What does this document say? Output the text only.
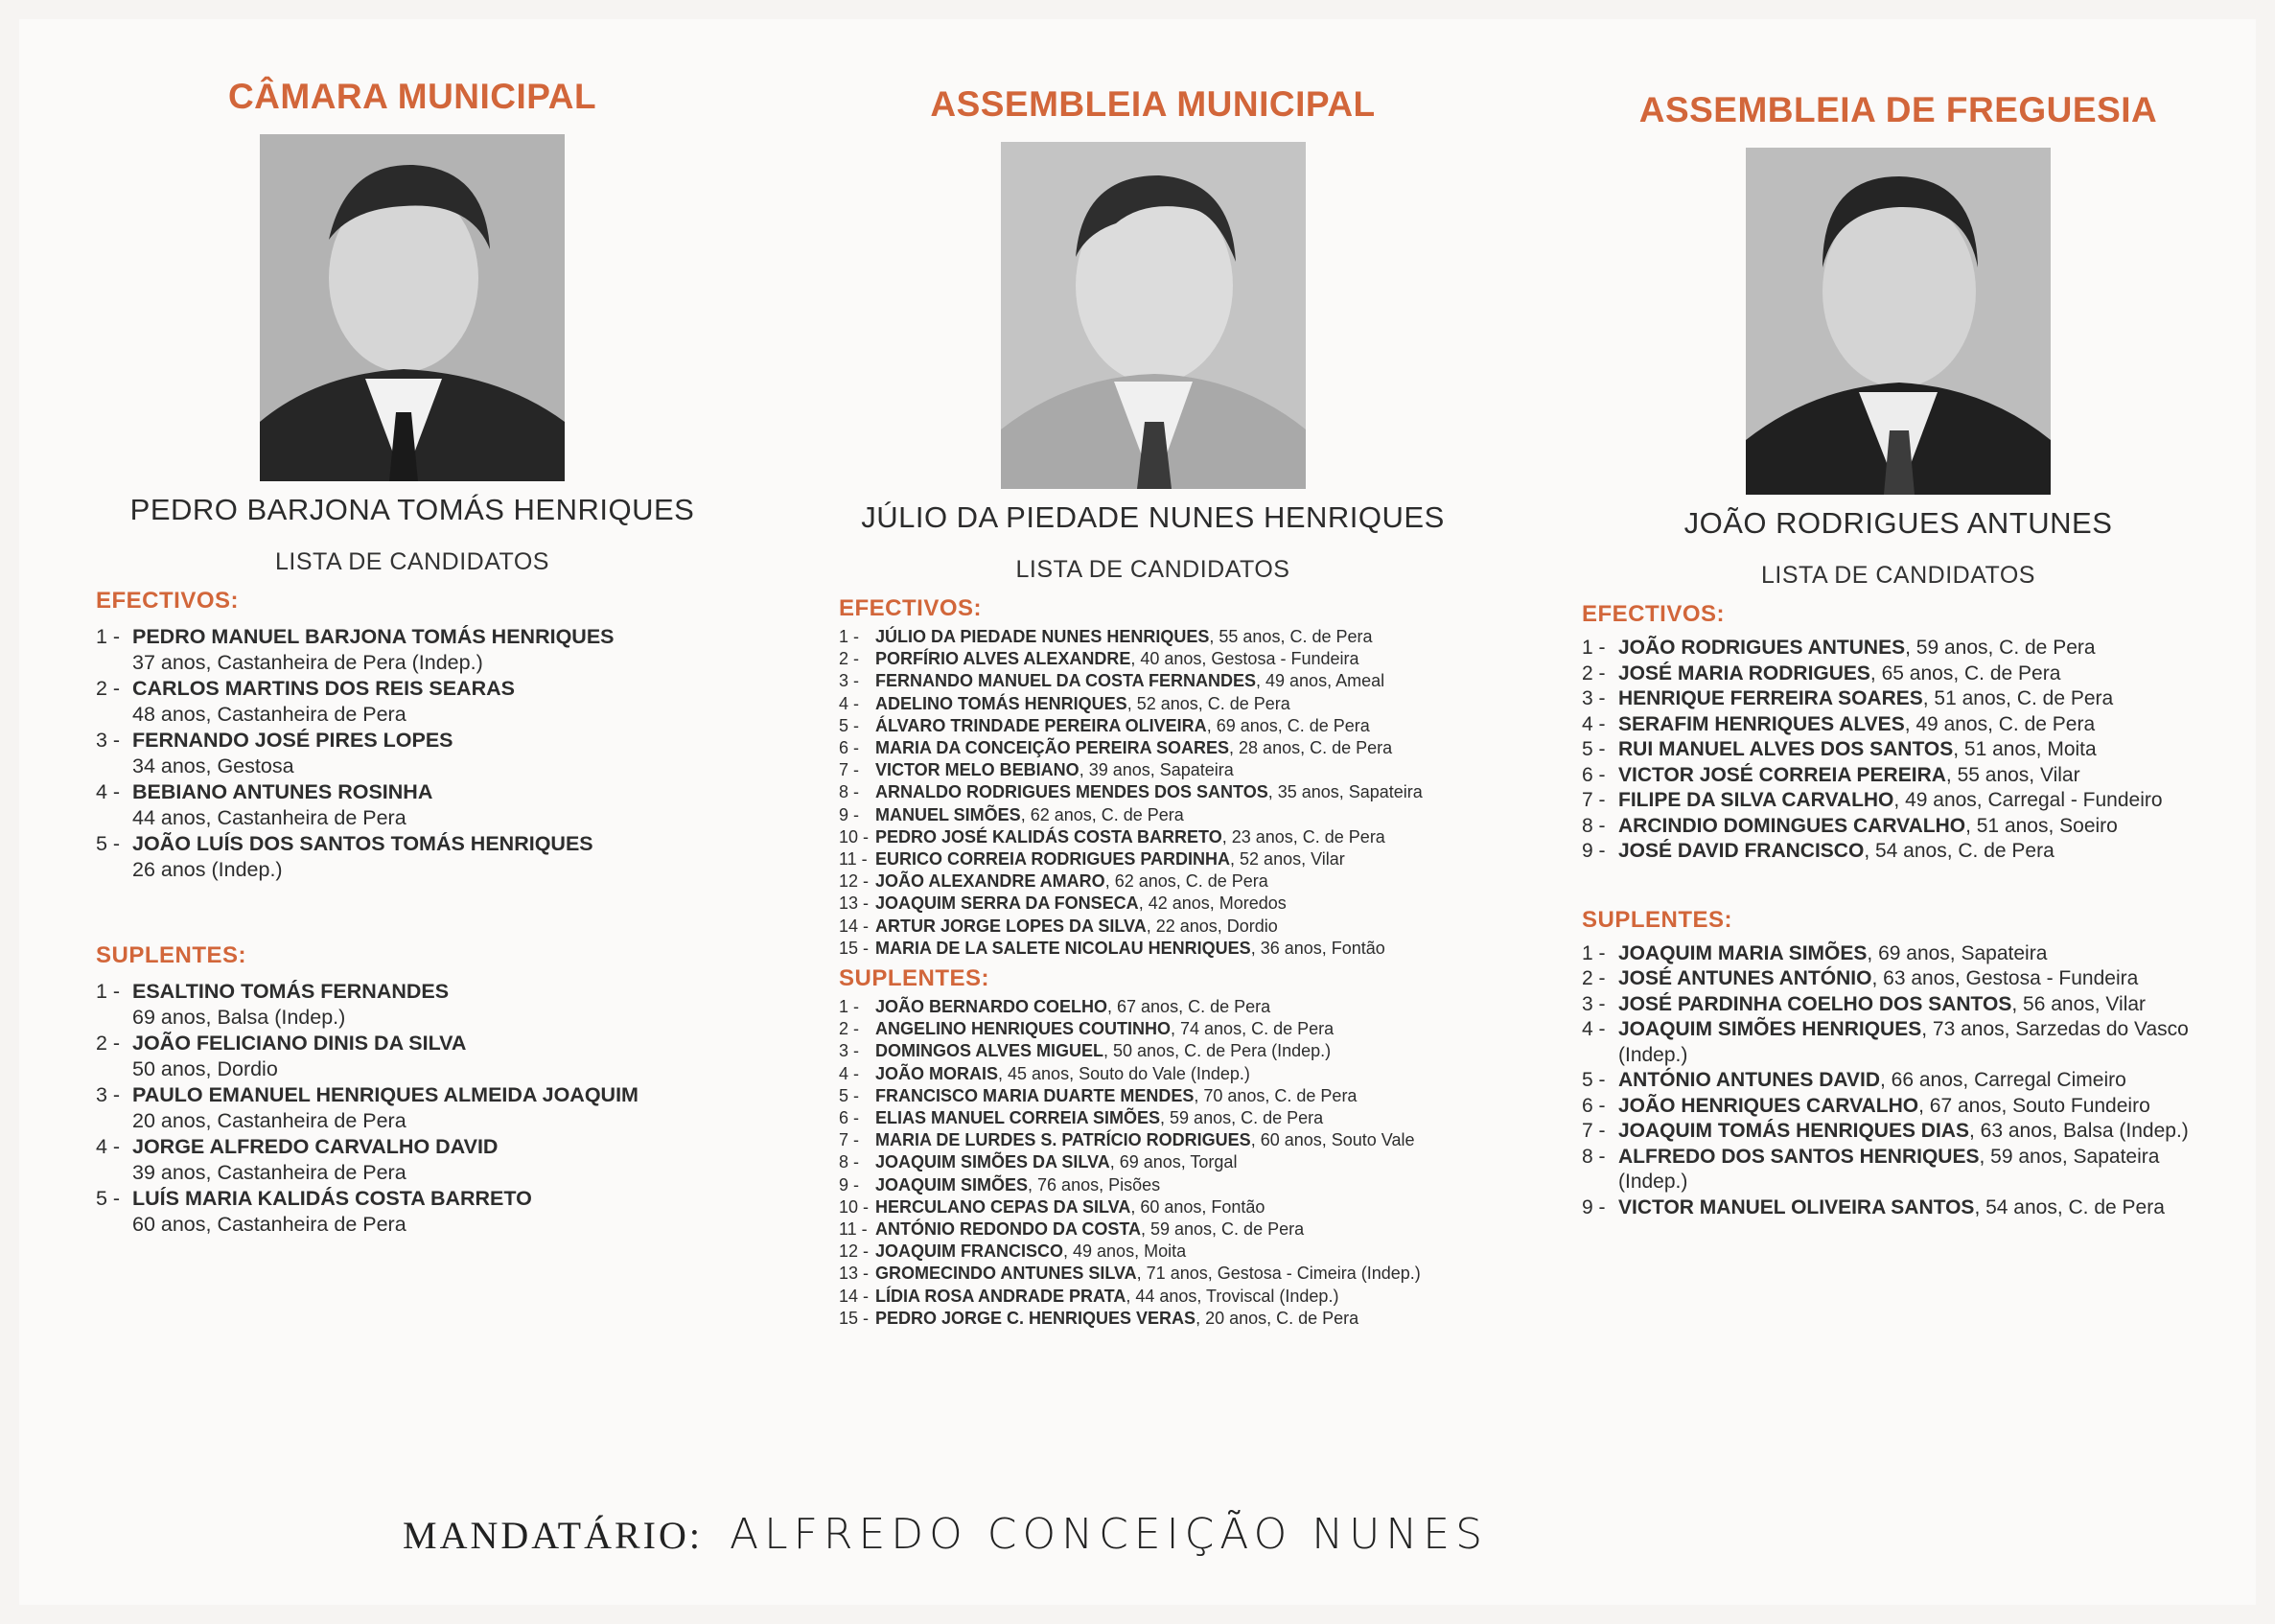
CÂMARA MUNICIPAL
PEDRO BARJONA TOMÁS HENRIQUES
LISTA DE CANDIDATOS
EFECTIVOS:
1 - PEDRO MANUEL BARJONA TOMÁS HENRIQUES
37 anos, Castanheira de Pera (Indep.)
2 - CARLOS MARTINS DOS REIS SEARAS
48 anos, Castanheira de Pera
3 - FERNANDO JOSÉ PIRES LOPES
34 anos, Gestosa
4 - BEBIANO ANTUNES ROSINHA
44 anos, Castanheira de Pera
5 - JOÃO LUÍS DOS SANTOS TOMÁS HENRIQUES
26 anos (Indep.)
SUPLENTES:
1 - ESALTINO TOMÁS FERNANDES
69 anos, Balsa (Indep.)
2 - JOÃO FELICIANO DINIS DA SILVA
50 anos, Dordio
3 - PAULO EMANUEL HENRIQUES ALMEIDA JOAQUIM
20 anos, Castanheira de Pera
4 - JORGE ALFREDO CARVALHO DAVID
39 anos, Castanheira de Pera
5 - LUÍS MARIA KALIDÁS COSTA BARRETO
60 anos, Castanheira de Pera
ASSEMBLEIA MUNICIPAL
JÚLIO DA PIEDADE NUNES HENRIQUES
LISTA DE CANDIDATOS
EFECTIVOS:
1 - JÚLIO DA PIEDADE NUNES HENRIQUES, 55 anos, C. de Pera
2 - PORFÍRIO ALVES ALEXANDRE, 40 anos, Gestosa - Fundeira
3 - FERNANDO MANUEL DA COSTA FERNANDES, 49 anos, Ameal
4 - ADELINO TOMÁS HENRIQUES, 52 anos, C. de Pera
5 - ÁLVARO TRINDADE PEREIRA OLIVEIRA, 69 anos, C. de Pera
6 - MARIA DA CONCEIÇÃO PEREIRA SOARES, 28 anos, C. de Pera
7 - VICTOR MELO BEBIANO, 39 anos, Sapateira
8 - ARNALDO RODRIGUES MENDES DOS SANTOS, 35 anos, Sapateira
9 - MANUEL SIMÕES, 62 anos, C. de Pera
10 - PEDRO JOSÉ KALIDÁS COSTA BARRETO, 23 anos, C. de Pera
11 - EURICO CORREIA RODRIGUES PARDINHA, 52 anos, Vilar
12 - JOÃO ALEXANDRE AMARO, 62 anos, C. de Pera
13 - JOAQUIM SERRA DA FONSECA, 42 anos, Moredos
14 - ARTUR JORGE LOPES DA SILVA, 22 anos, Dordio
15 - MARIA DE LA SALETE NICOLAU HENRIQUES, 36 anos, Fontão
SUPLENTES:
1 - JOÃO BERNARDO COELHO, 67 anos, C. de Pera
2 - ANGELINO HENRIQUES COUTINHO, 74 anos, C. de Pera
3 - DOMINGOS ALVES MIGUEL, 50 anos, C. de Pera (Indep.)
4 - JOÃO MORAIS, 45 anos, Souto do Vale (Indep.)
5 - FRANCISCO MARIA DUARTE MENDES, 70 anos, C. de Pera
6 - ELIAS MANUEL CORREIA SIMÕES, 59 anos, C. de Pera
7 - MARIA DE LURDES S. PATRÍCIO RODRIGUES, 60 anos, Souto Vale
8 - JOAQUIM SIMÕES DA SILVA, 69 anos, Torgal
9 - JOAQUIM SIMÕES, 76 anos, Pisões
10 - HERCULANO CEPAS DA SILVA, 60 anos, Fontão
11 - ANTÓNIO REDONDO DA COSTA, 59 anos, C. de Pera
12 - JOAQUIM FRANCISCO, 49 anos, Moita
13 - GROMECINDO ANTUNES SILVA, 71 anos, Gestosa - Cimeira (Indep.)
14 - LÍDIA ROSA ANDRADE PRATA, 44 anos, Troviscal (Indep.)
15 - PEDRO JORGE C. HENRIQUES VERAS, 20 anos, C. de Pera
ASSEMBLEIA DE FREGUESIA
JOÃO RODRIGUES ANTUNES
LISTA DE CANDIDATOS
EFECTIVOS:
1 - JOÃO RODRIGUES ANTUNES, 59 anos, C. de Pera
2 - JOSÉ MARIA RODRIGUES, 65 anos, C. de Pera
3 - HENRIQUE FERREIRA SOARES, 51 anos, C. de Pera
4 - SERAFIM HENRIQUES ALVES, 49 anos, C. de Pera
5 - RUI MANUEL ALVES DOS SANTOS, 51 anos, Moita
6 - VICTOR JOSÉ CORREIA PEREIRA, 55 anos, Vilar
7 - FILIPE DA SILVA CARVALHO, 49 anos, Carregal - Fundeiro
8 - ARCINDIO DOMINGUES CARVALHO, 51 anos, Soeiro
9 - JOSÉ DAVID FRANCISCO, 54 anos, C. de Pera
SUPLENTES:
1 - JOAQUIM MARIA SIMÕES, 69 anos, Sapateira
2 - JOSÉ ANTUNES ANTÓNIO, 63 anos, Gestosa - Fundeira
3 - JOSÉ PARDINHA COELHO DOS SANTOS, 56 anos, Vilar
4 - JOAQUIM SIMÕES HENRIQUES, 73 anos, Sarzedas do Vasco (Indep.)
5 - ANTÓNIO ANTUNES DAVID, 66 anos, Carregal Cimeiro
6 - JOÃO HENRIQUES CARVALHO, 67 anos, Souto Fundeiro
7 - JOAQUIM TOMÁS HENRIQUES DIAS, 63 anos, Balsa (Indep.)
8 - ALFREDO DOS SANTOS HENRIQUES, 59 anos, Sapateira (Indep.)
9 - VICTOR MANUEL OLIVEIRA SANTOS, 54 anos, C. de Pera
MANDATÁRIO: ALFREDO CONCEIÇÃO NUNES
